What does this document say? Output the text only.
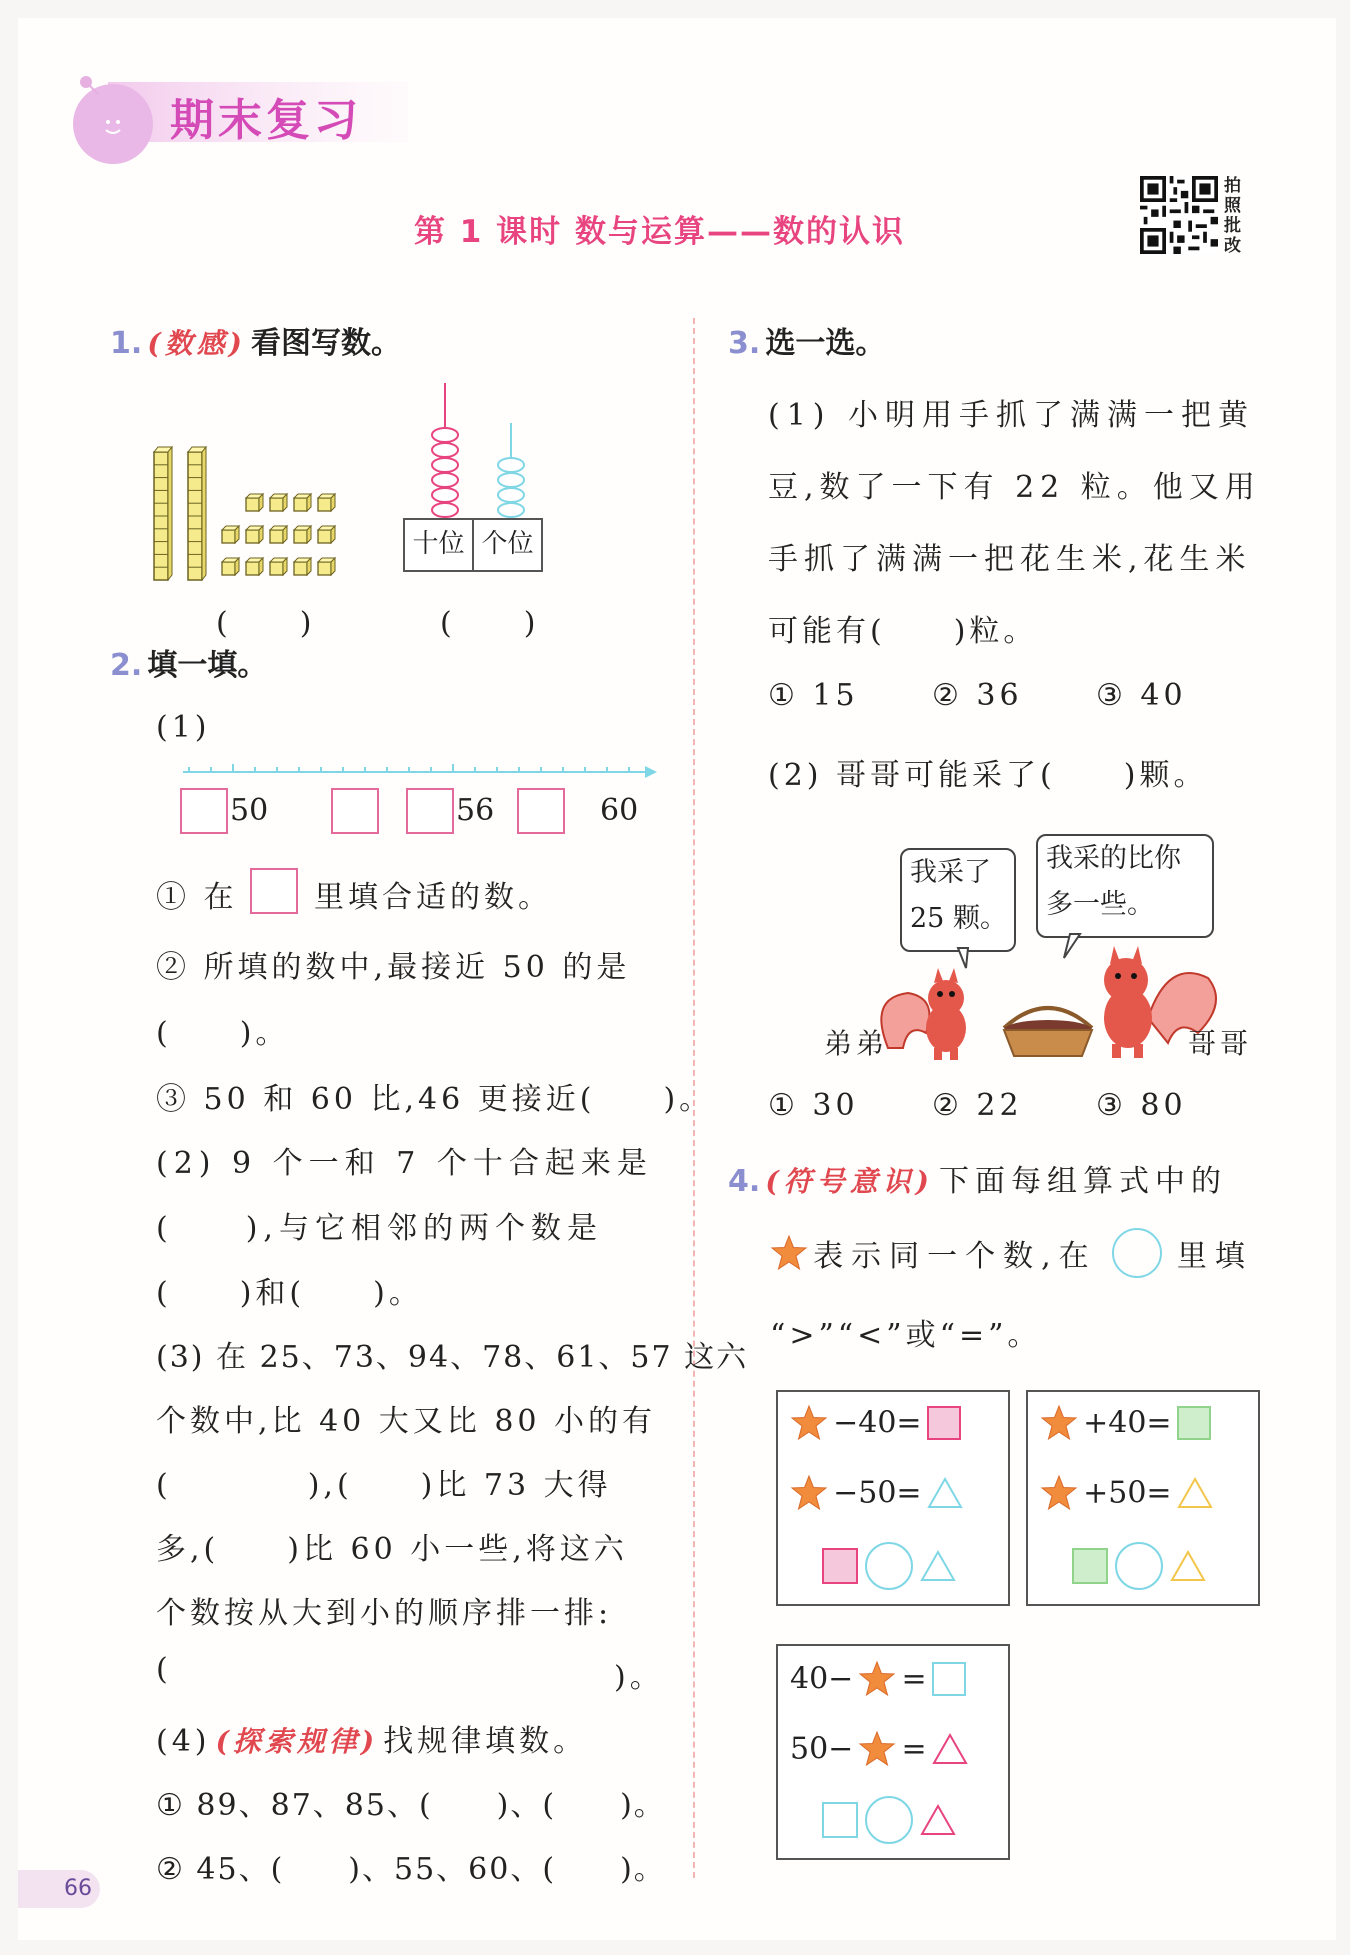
期末复习
第 1 课时 数与运算——数的认识
拍
照
批
改
1. (数感) 看图写数。
十位 个位
(　　)	(　　)
2. 填一填。
(1)
50	56	60
① 在	里填合适的数。
② 所填的数中,最接近 50 的是
(　　)。
③ 50 和 60 比,46 更接近(　　)。
(2) 9 个一和 7 个十合起来是
(　　),与它相邻的两个数是
(　　)和(　　)。
(3) 在 25、73、94、78、61、57 这六
个数中,比 40 大又比 80 小的有
(　　　　),(　　)比 73 大得
多,(　　)比 60 小一些,将这六
个数按从大到小的顺序排一排:
(	)。
(4) (探索规律) 找规律填数。
① 89、87、85、(　　)、(　　)。
② 45、(　　)、55、60、(　　)。
3. 选一选。
(1) 小明用手抓了满满一把黄
豆,数了一下有 22 粒。他又用
手抓了满满一把花生米,花生米
可能有(　　)粒。
① 15 ② 36 ③ 40
(2) 哥哥可能采了(　　)颗。
我采了
25 颗。
我采的比你
多一些。
弟弟	哥哥
① 30 ② 22 ③ 80
4. (符号意识) 下面每组算式中的
表示同一个数,在	里填
“>”“<”或“=”。
−40=
−50=

+40=
+50=

40− =
50− =

66
